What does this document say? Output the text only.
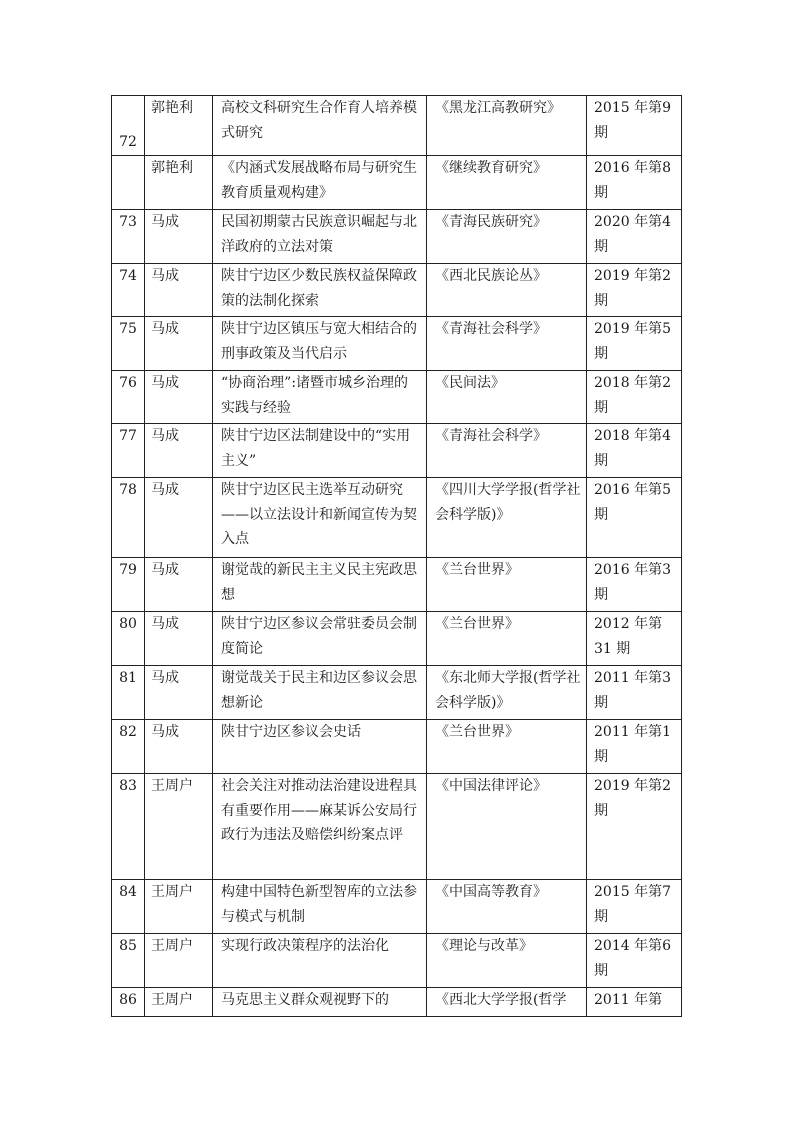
72	郭艳利	高校文科研究生合作育人培养模式研究	《黑龙江高教研究》	2015 年第9 期
	郭艳利	《内涵式发展战略布局与研究生教育质量观构建》	《继续教育研究》	2016 年第8 期
73	马成	民国初期蒙古民族意识崛起与北洋政府的立法对策	《青海民族研究》	2020 年第4 期
74	马成	陕甘宁边区少数民族权益保障政策的法制化探索	《西北民族论丛》	2019 年第2 期
75	马成	陕甘宁边区镇压与宽大相结合的刑事政策及当代启示	《青海社会科学》	2019 年第5 期
76	马成	“协商治理”:诸暨市城乡治理的实践与经验	《民间法》	2018 年第2 期
77	马成	陕甘宁边区法制建设中的“实用主义”	《青海社会科学》	2018 年第4 期
78	马成	陕甘宁边区民主选举互动研究——以立法设计和新闻宣传为契入点	《四川大学学报(哲学社会科学版)》	2016 年第5 期
79	马成	谢觉哉的新民主主义民主宪政思想	《兰台世界》	2016 年第3 期
80	马成	陕甘宁边区参议会常驻委员会制度简论	《兰台世界》	2012 年第31 期
81	马成	谢觉哉关于民主和边区参议会思想新论	《东北师大学报(哲学社会科学版)》	2011 年第3 期
82	马成	陕甘宁边区参议会史话	《兰台世界》	2011 年第1 期
83	王周户	社会关注对推动法治建设进程具有重要作用——麻某诉公安局行政行为违法及赔偿纠纷案点评	《中国法律评论》	2019 年第2 期
84	王周户	构建中国特色新型智库的立法参与模式与机制	《中国高等教育》	2015 年第7 期
85	王周户	实现行政决策程序的法治化	《理论与改革》	2014 年第6 期
86	王周户	马克思主义群众观视野下的	《西北大学学报(哲学	2011 年第
